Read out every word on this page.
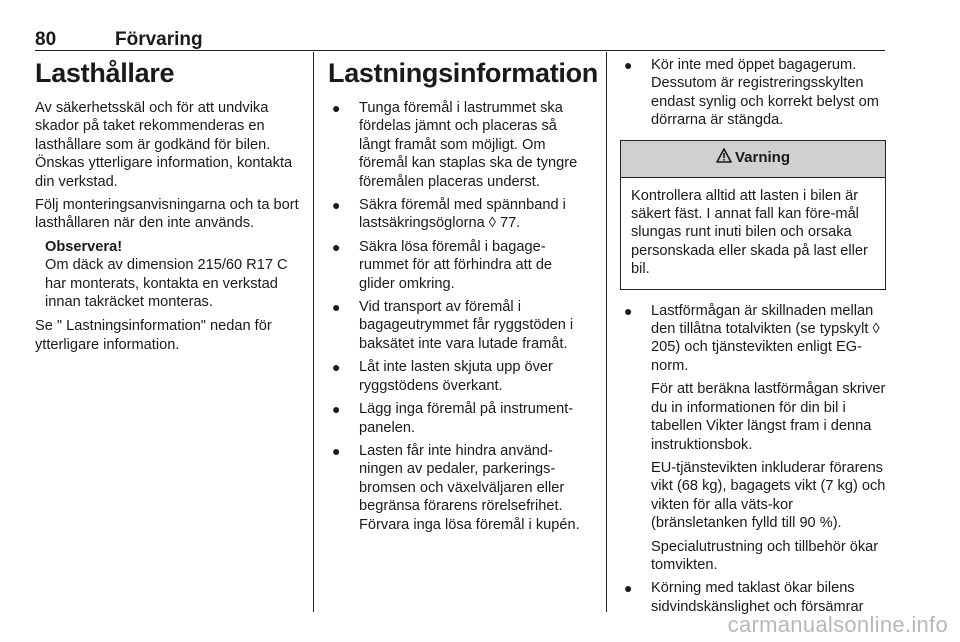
80	Förvaring
Lasthållare

Av säkerhetsskäl och för att undvika skador på taket rekommenderas en lasthållare som är godkänd för bilen. Önskas ytterligare information, kontakta din verkstad.

Följ monteringsanvisningarna och ta bort lasthållaren när den inte används.

Observera!
Om däck av dimension 215/60 R17 C har monterats, kontakta en verkstad innan takräcket monteras.

Se " Lastningsinformation" nedan för ytterligare information.

Lastningsinformation
● Tunga föremål i lastrummet ska fördelas jämnt och placeras så långt framåt som möjligt. Om föremål kan staplas ska de tyngre föremålen placeras underst.
● Säkra föremål med spännband i lastsäkringsöglorna ◊ 77.
● Säkra lösa föremål i bagage-rummet för att förhindra att de glider omkring.
● Vid transport av föremål i bagageutrymmet får ryggstöden i baksätet inte vara lutade framåt.
● Låt inte lasten skjuta upp över ryggstödens överkant.
● Lägg inga föremål på instrument-panelen.
● Lasten får inte hindra använd-ningen av pedaler, parkerings-bromsen och växelväljaren eller begränsa förarens rörelsefrihet. Förvara inga lösa föremål i kupén.
● Kör inte med öppet bagagerum. Dessutom är registreringsskylten endast synlig och korrekt belyst om dörrarna är stängda.
Varning
Kontrollera alltid att lasten i bilen är säkert fäst. I annat fall kan före-mål slungas runt inuti bilen och orsaka personskada eller skada på last eller bil.
● Lastförmågan är skillnaden mellan den tillåtna totalvikten (se typskylt ◊ 205) och tjänstevikten enligt EG-norm.
För att beräkna lastförmågan skriver du in informationen för din bil i tabellen Vikter längst fram i denna instruktionsbok.
EU-tjänstevikten inkluderar förarens vikt (68 kg), bagagets vikt (7 kg) och vikten för alla väts-kor (bränsletanken fylld till 90 %).
Specialutrustning och tillbehör ökar tomvikten.
● Körning med taklast ökar bilens sidvindskänslighet och försämrar
carmanualsonline.info
